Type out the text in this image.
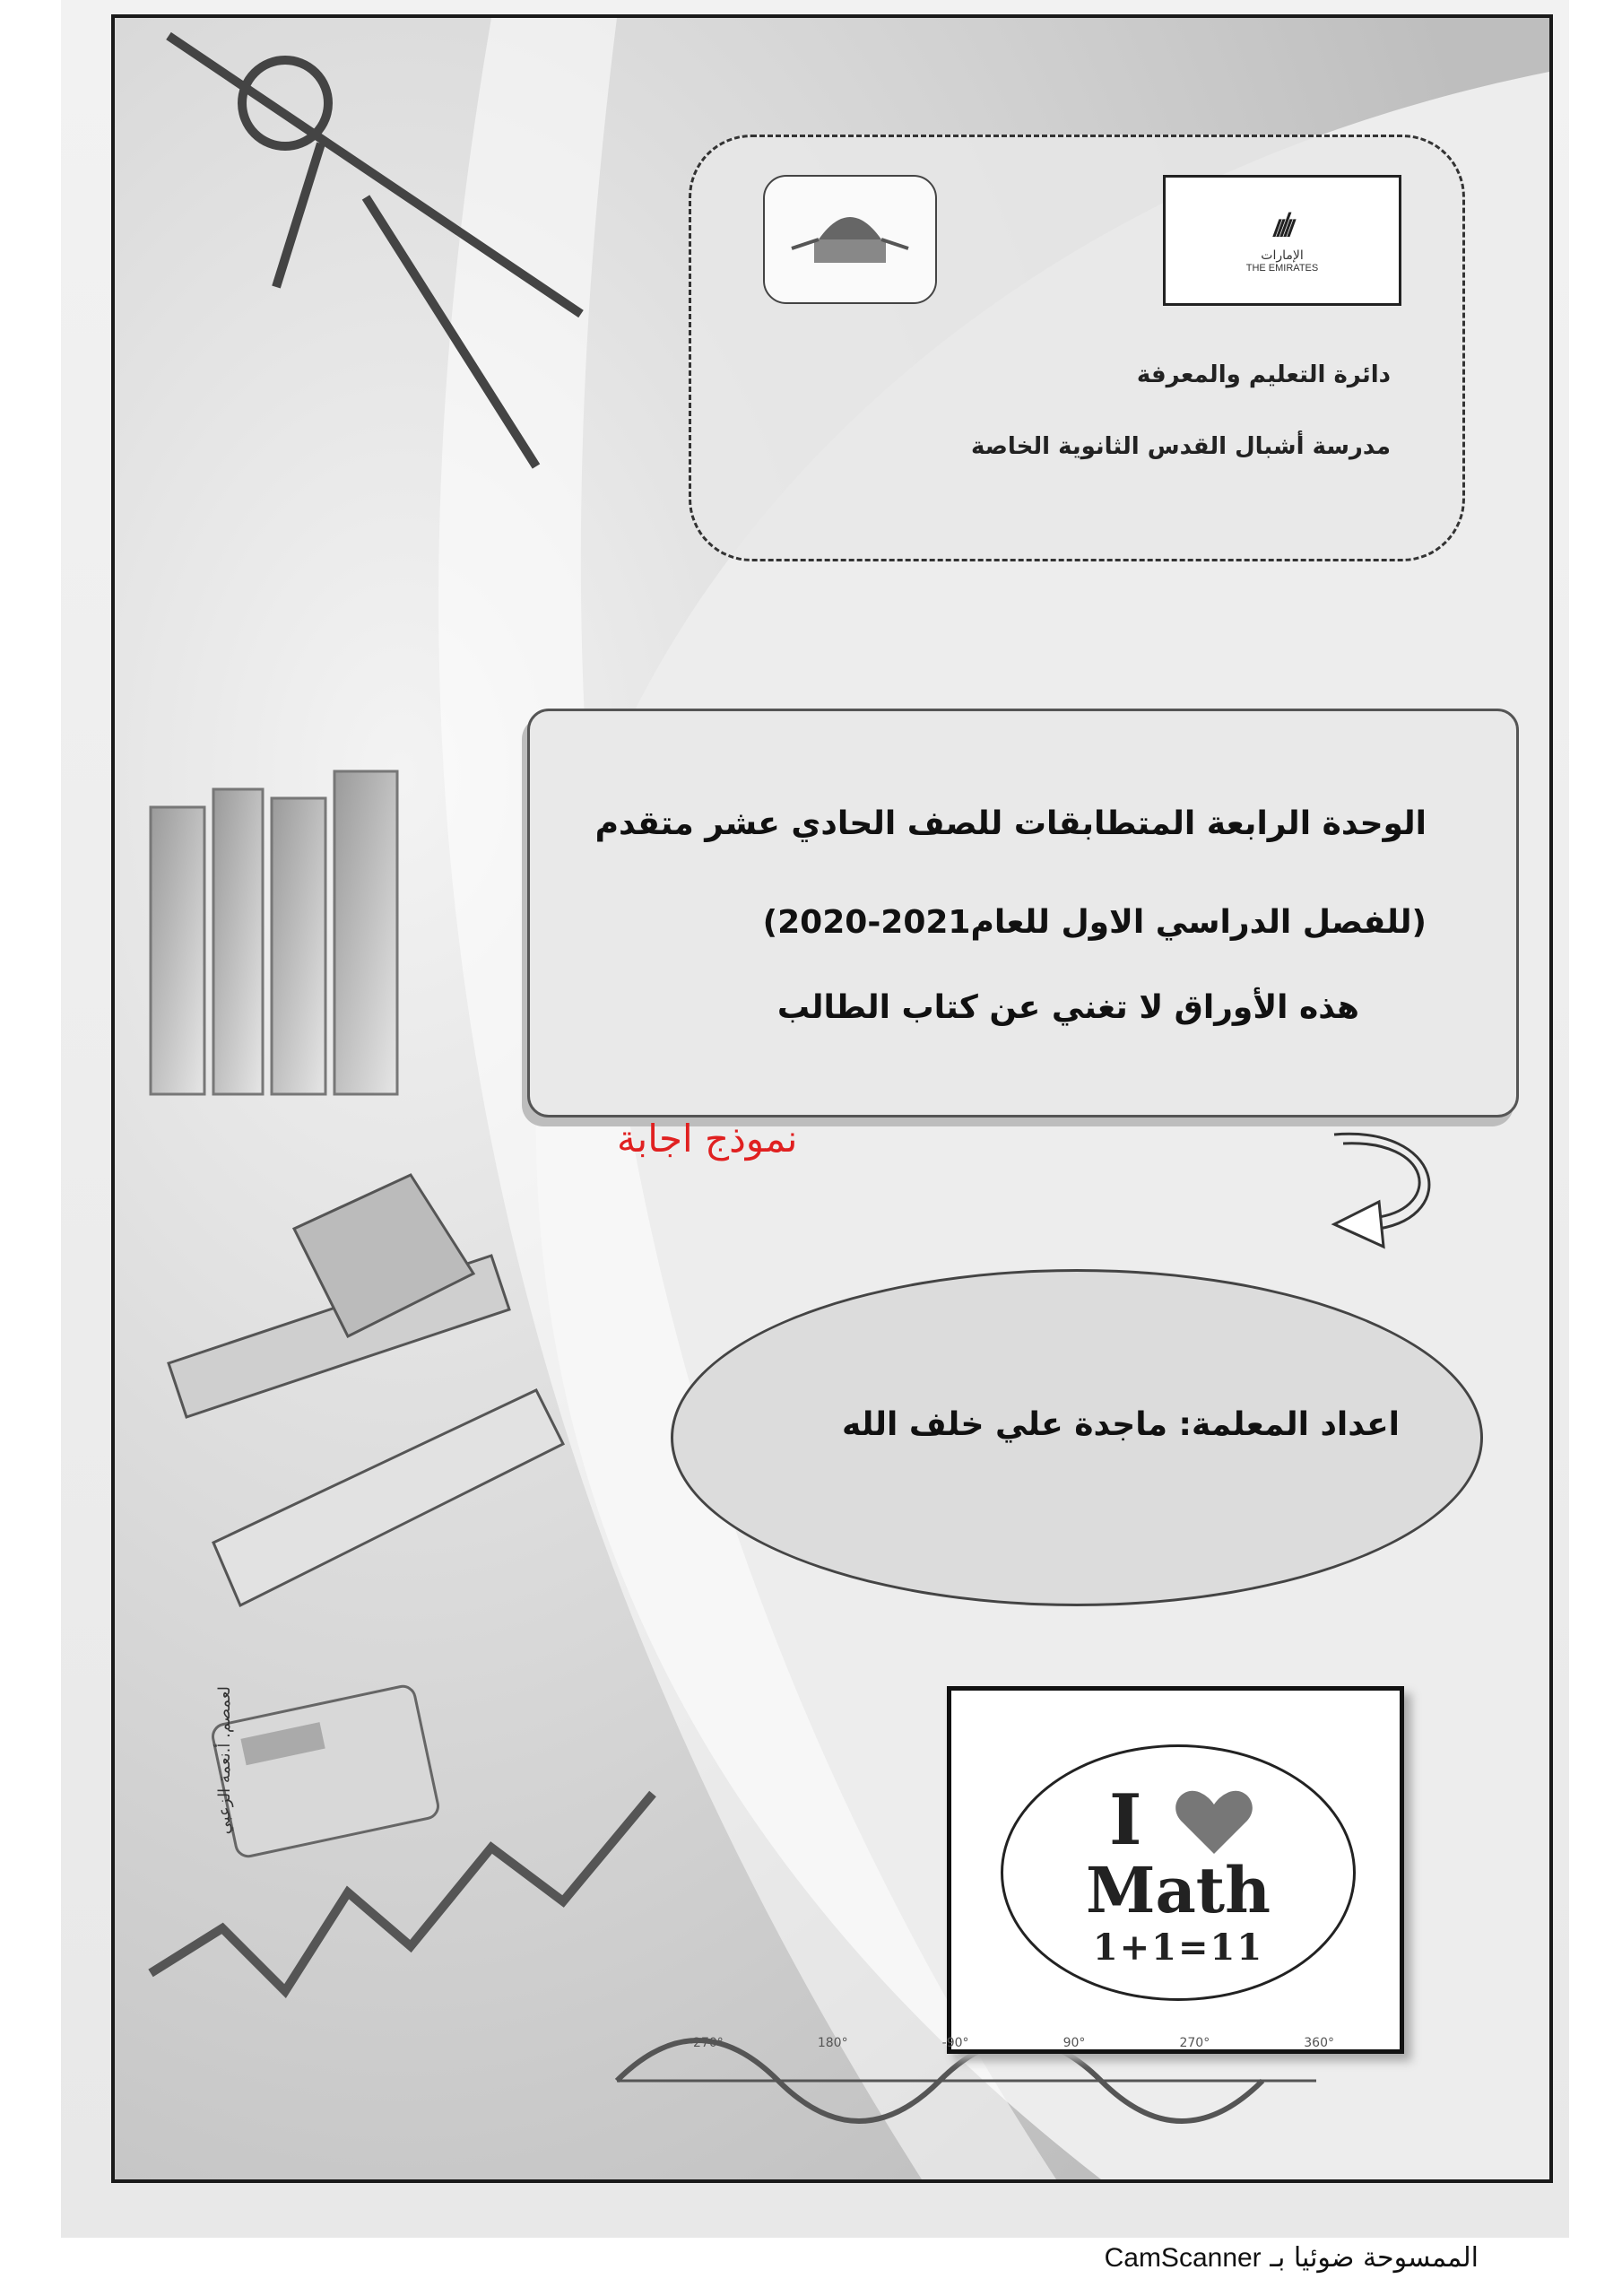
ıılıı
الإمارات
THE EMIRATES
دائرة التعليم والمعرفة
مدرسة أشبال القدس الثانوية الخاصة
الوحدة الرابعة المتطابقات للصف الحادي عشر متقدم
(للفصل الدراسي الاول للعام2021-2020)
هذه الأوراق لا تغني عن كتاب الطالب
نموذج اجابة
اعداد المعلمة: ماجدة علي خلف الله
I
Math
1+1=11
لعمصم. أ.نعمة الزعبي
-270°	180°	-90°	90°	270°	360°
الممسوحة ضوئيا بـ CamScanner
